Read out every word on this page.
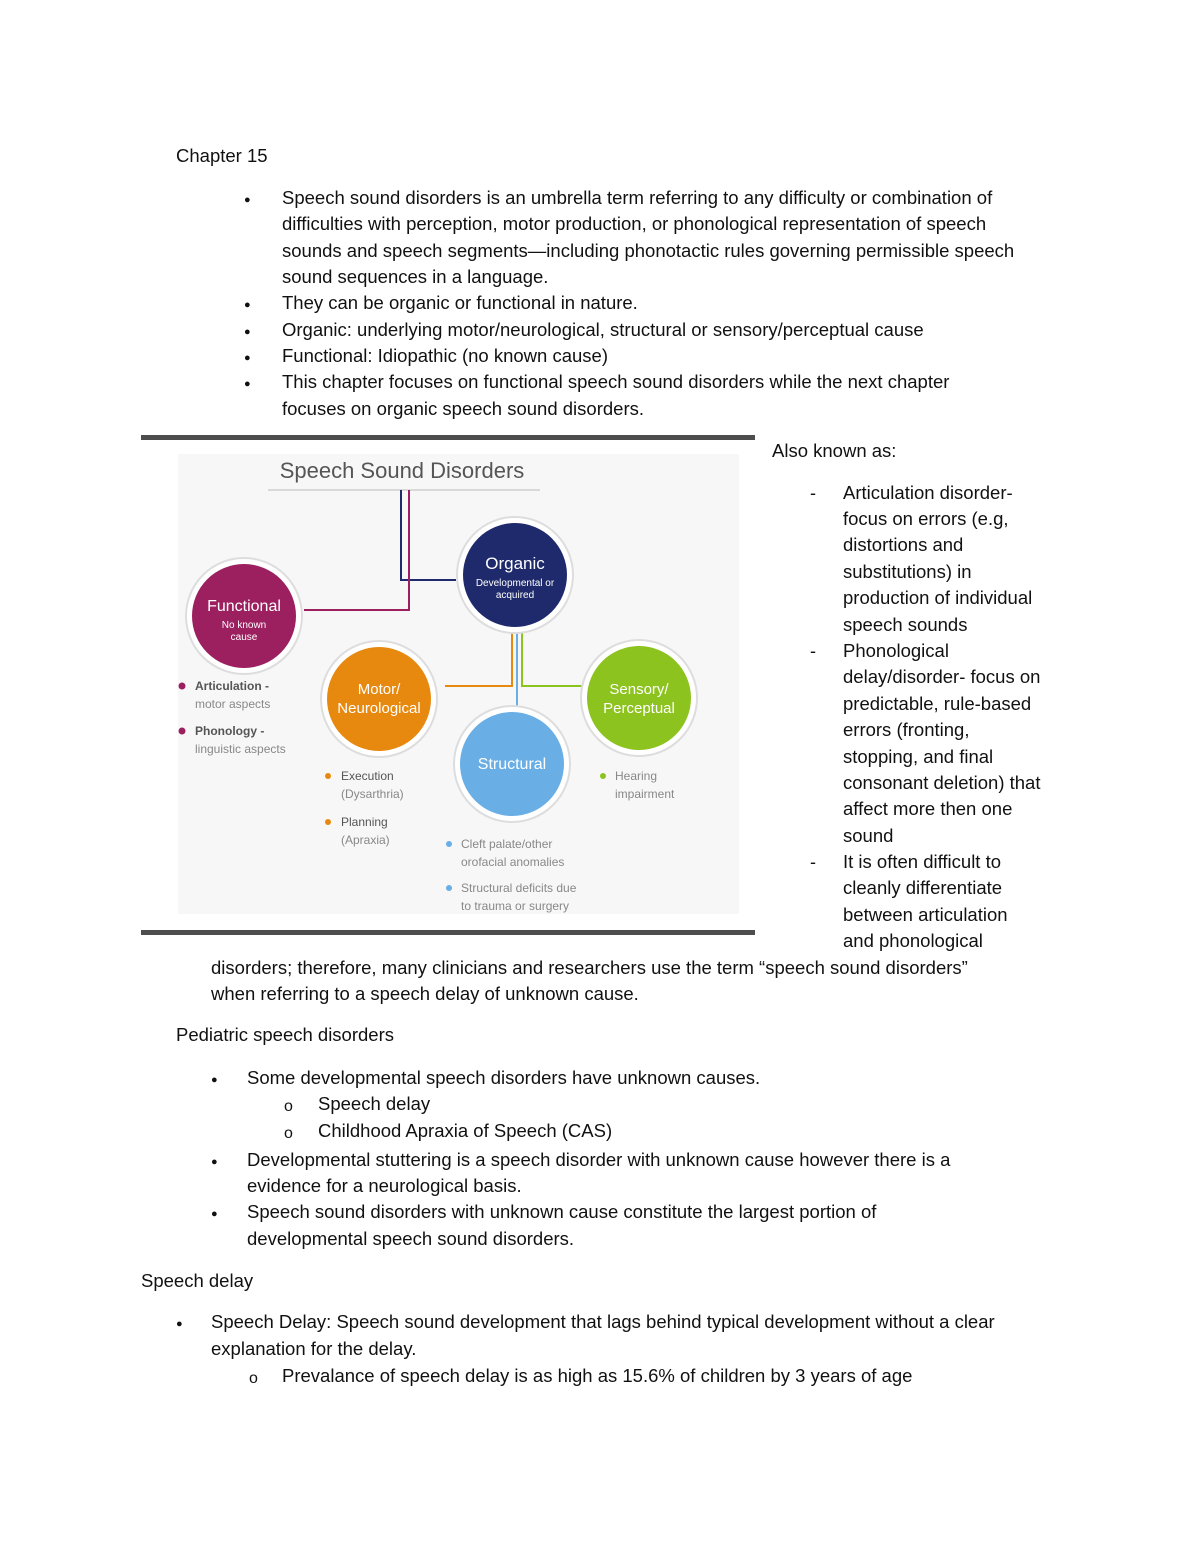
Chapter 15
●
Speech sound disorders is an umbrella term referring to any difficulty or combination of
difficulties with perception, motor production, or phonological representation of speech
sounds and speech segments—including phonotactic rules governing permissible speech
sound sequences in a language.
●
They can be organic or functional in nature.
●
Organic: underlying motor/neurological, structural or sensory/perceptual cause
●
Functional: Idiopathic (no known cause)
●
This chapter focuses on functional speech sound disorders while the next chapter
focuses on organic speech sound disorders.
Speech Sound Disorders
Organic
Developmental or
acquired
Functional
No known
cause
Articulation -
motor aspects
Phonology -
linguistic aspects
Motor/
Neurological
Execution
(Dysarthria)
Planning
(Apraxia)
Structural
Cleft palate/other
orofacial anomalies
Structural deficits due
to trauma or surgery
Sensory/
Perceptual
Hearing
impairment
Also known as:
-
Articulation disorder-
focus on errors (e.g,
distortions and
substitutions) in
production of individual
speech sounds
-
Phonological
delay/disorder- focus on
predictable, rule-based
errors (fronting,
stopping, and final
consonant deletion) that
affect more then one
sound
-
It is often difficult to
cleanly differentiate
between articulation
and phonological
disorders; therefore, many clinicians and researchers use the term “speech sound disorders”
when referring to a speech delay of unknown cause.
Pediatric speech disorders
●
Some developmental speech disorders have unknown causes.
o
Speech delay
o
Childhood Apraxia of Speech (CAS)
●
Developmental stuttering is a speech disorder with unknown cause however there is a
evidence for a neurological basis.
●
Speech sound disorders with unknown cause constitute the largest portion of
developmental speech sound disorders.
Speech delay
●
Speech Delay: Speech sound development that lags behind typical development without a clear
explanation for the delay.
o
Prevalance of speech delay is as high as 15.6% of children by 3 years of age
